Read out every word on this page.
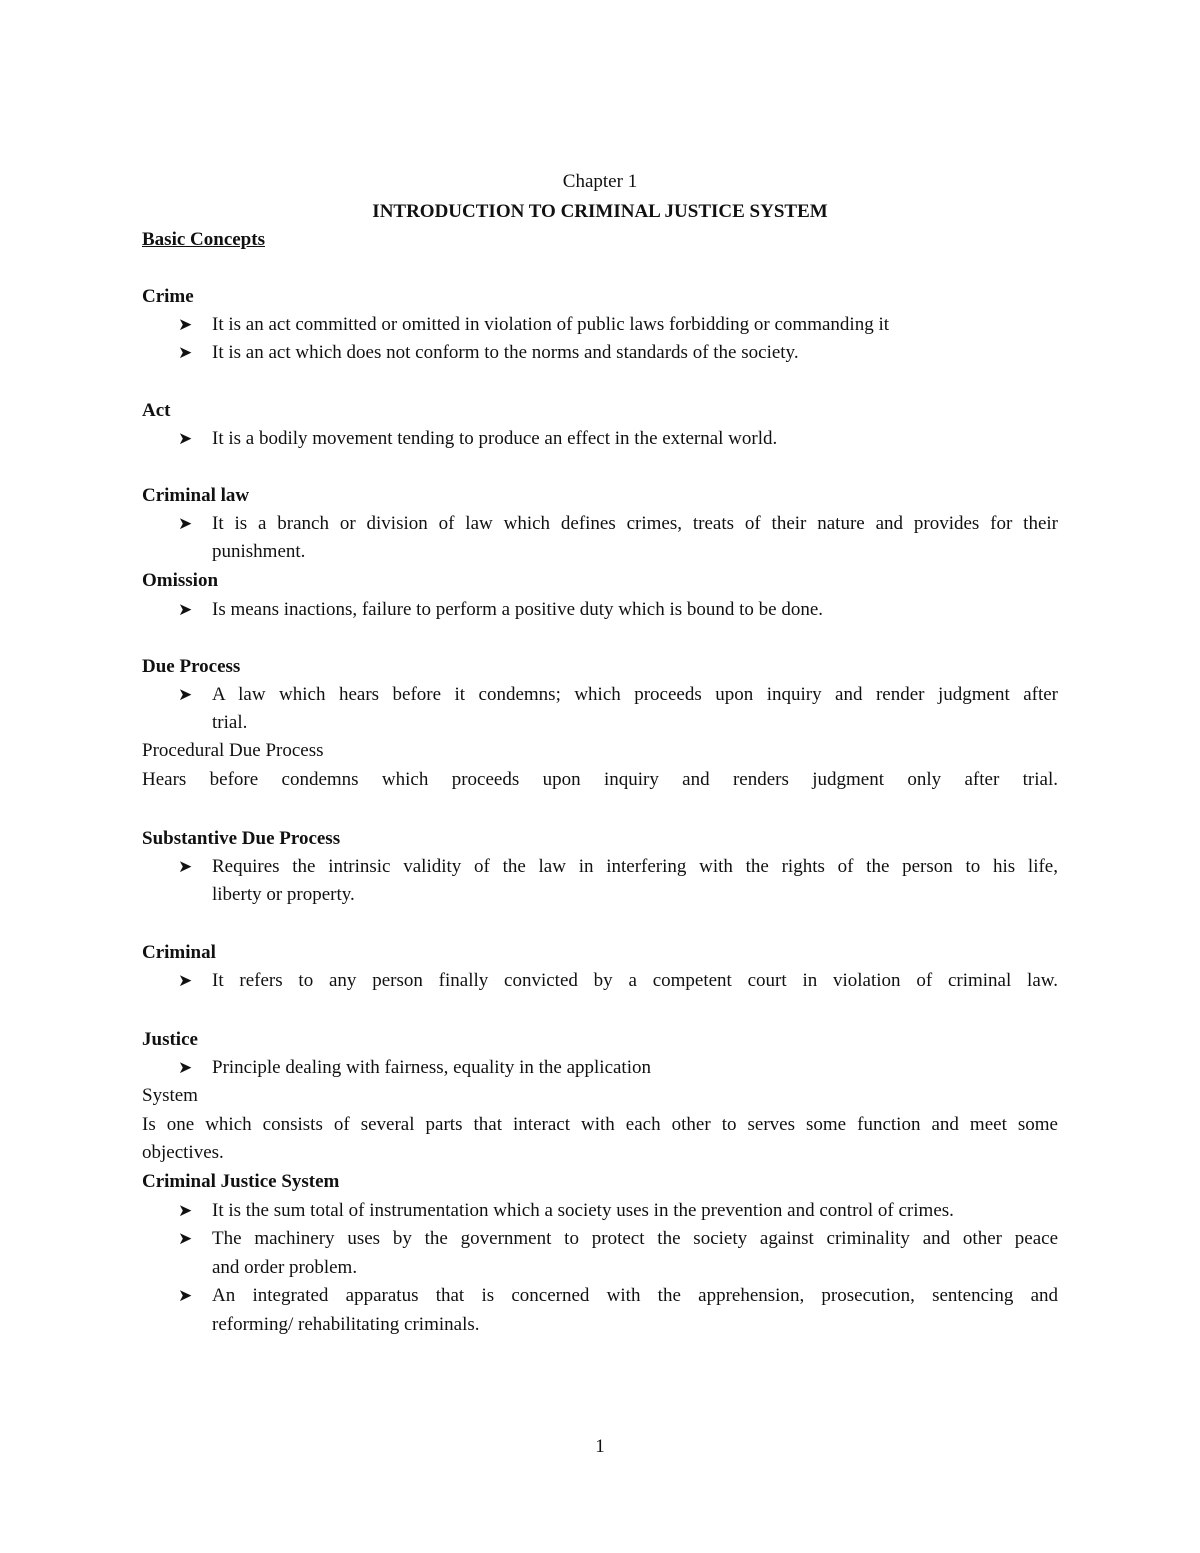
Chapter 1
INTRODUCTION TO CRIMINAL JUSTICE SYSTEM
Basic Concepts
Crime
➤ It is an act committed or omitted in violation of public laws forbidding or commanding it
➤ It is an act which does not conform to the norms and standards of the society.
Act
➤ It is a bodily movement tending to produce an effect in the external world.
Criminal law
➤ It is a branch or division of law which defines crimes, treats of their nature and provides for their
punishment.
Omission
➤ Is means inactions, failure to perform a positive duty which is bound to be done.
Due Process
➤ A law which hears before it condemns; which proceeds upon inquiry and render judgment after
trial.
Procedural Due Process
Hears before condemns which proceeds upon inquiry and renders judgment only after trial.
Substantive Due Process
➤ Requires the intrinsic validity of the law in interfering with the rights of the person to his life,
liberty or property.
Criminal
➤ It refers to any person finally convicted by a competent court in violation of criminal law.
Justice
➤ Principle dealing with fairness, equality in the application
System
Is one which consists of several parts that interact with each other to serves some function and meet some
objectives.
Criminal Justice System
➤ It is the sum total of instrumentation which a society uses in the prevention and control of crimes.
➤ The machinery uses by the government to protect the society against criminality and other peace
and order problem.
➤ An integrated apparatus that is concerned with the apprehension, prosecution, sentencing and
reforming/ rehabilitating criminals.
1
